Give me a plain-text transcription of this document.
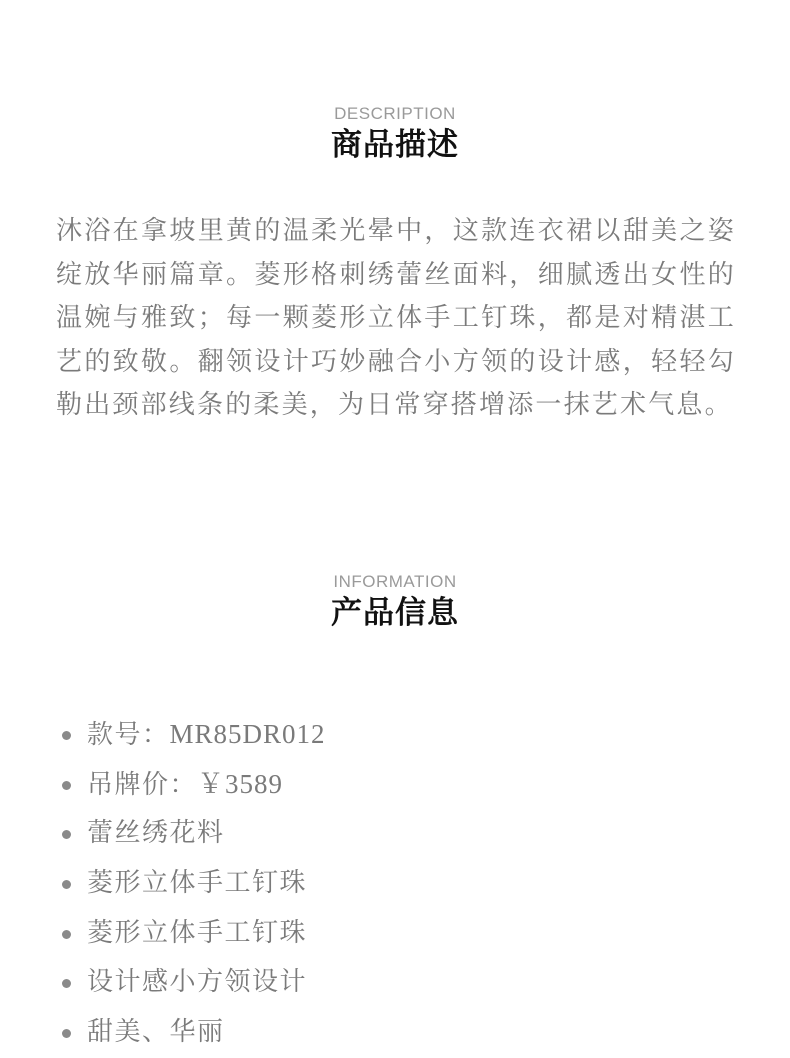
DESCRIPTION
商品描述

沐浴在拿坡里黄的温柔光晕中，这款连衣裙以甜美之姿绽放华丽篇章。菱形格刺绣蕾丝面料，细腻透出女性的温婉与雅致；每一颗菱形立体手工钉珠，都是对精湛工艺的致敬。翻领设计巧妙融合小方领的设计感，轻轻勾勒出颈部线条的柔美，为日常穿搭增添一抹艺术气息。

INFORMATION
产品信息
款号：MR85DR012
吊牌价：￥3589
蕾丝绣花料
菱形立体手工钉珠
菱形立体手工钉珠
设计感小方领设计
甜美、华丽
